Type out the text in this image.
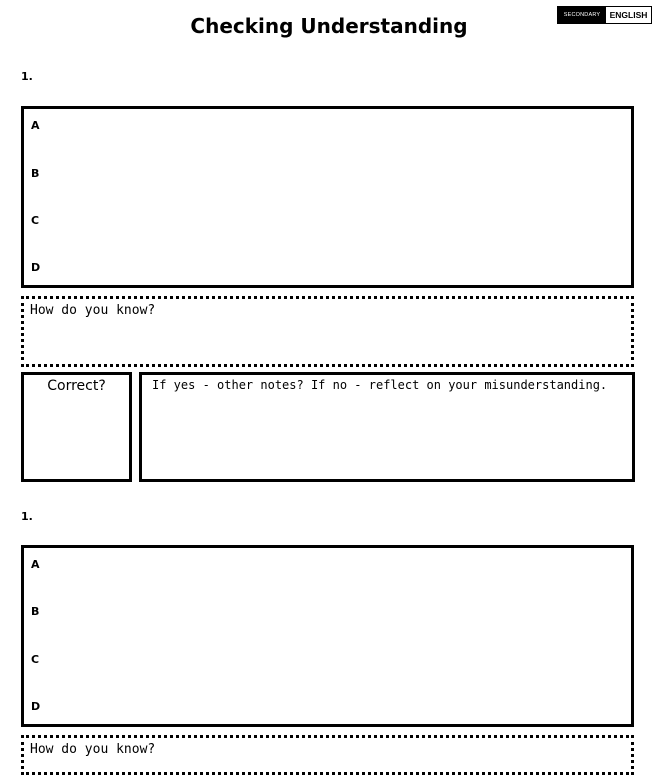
Checking Understanding	SECONDARY	ENGLISH
1.
A
B
C
D
How do you know?
Correct?	If yes - other notes? If no - reflect on your misunderstanding.
1.
A
B
C
D
How do you know?
